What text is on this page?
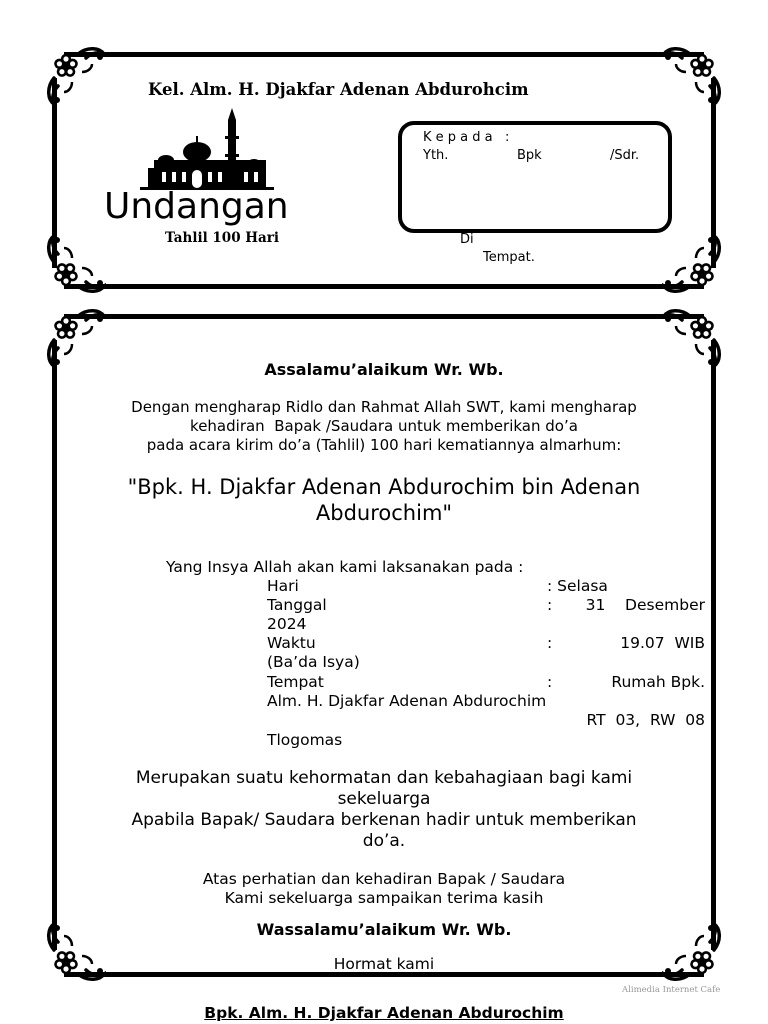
Kel. Alm. H. Djakfar Adenan Abdurohcim
Undangan
Tahlil 100 Hari
K e p a d a   :
Yth.	Bpk	/Sdr.
Di
Tempat.
Assalamu’alaikum Wr. Wb.
Dengan mengharap Ridlo dan Rahmat Allah SWT, kami mengharap
kehadiran  Bapak /Saudara untuk memberikan do’a
pada acara kirim do’a (Tahlil) 100 hari kematiannya almarhum:
"Bpk. H. Djakfar Adenan Abdurochim bin Adenan
Abdurochim"
Yang Insya Allah akan kami laksanakan pada :
Hari	: Selasa
Tanggal	: 31    Desember
2024
Waktu	:	19.07  WIB
(Ba’da Isya)
Tempat	:	Rumah Bpk.
Alm. H. Djakfar Adenan Abdurochim
RT  03,  RW  08
Tlogomas
Merupakan suatu kehormatan dan kebahagiaan bagi kami
sekeluarga
Apabila Bapak/ Saudara berkenan hadir untuk memberikan
do’a.
Atas perhatian dan kehadiran Bapak / Saudara
Kami sekeluarga sampaikan terima kasih
Wassalamu’alaikum Wr. Wb.
Hormat kami
Alimedia Internet Cafe
Bpk. Alm. H. Djakfar Adenan Abdurochim
